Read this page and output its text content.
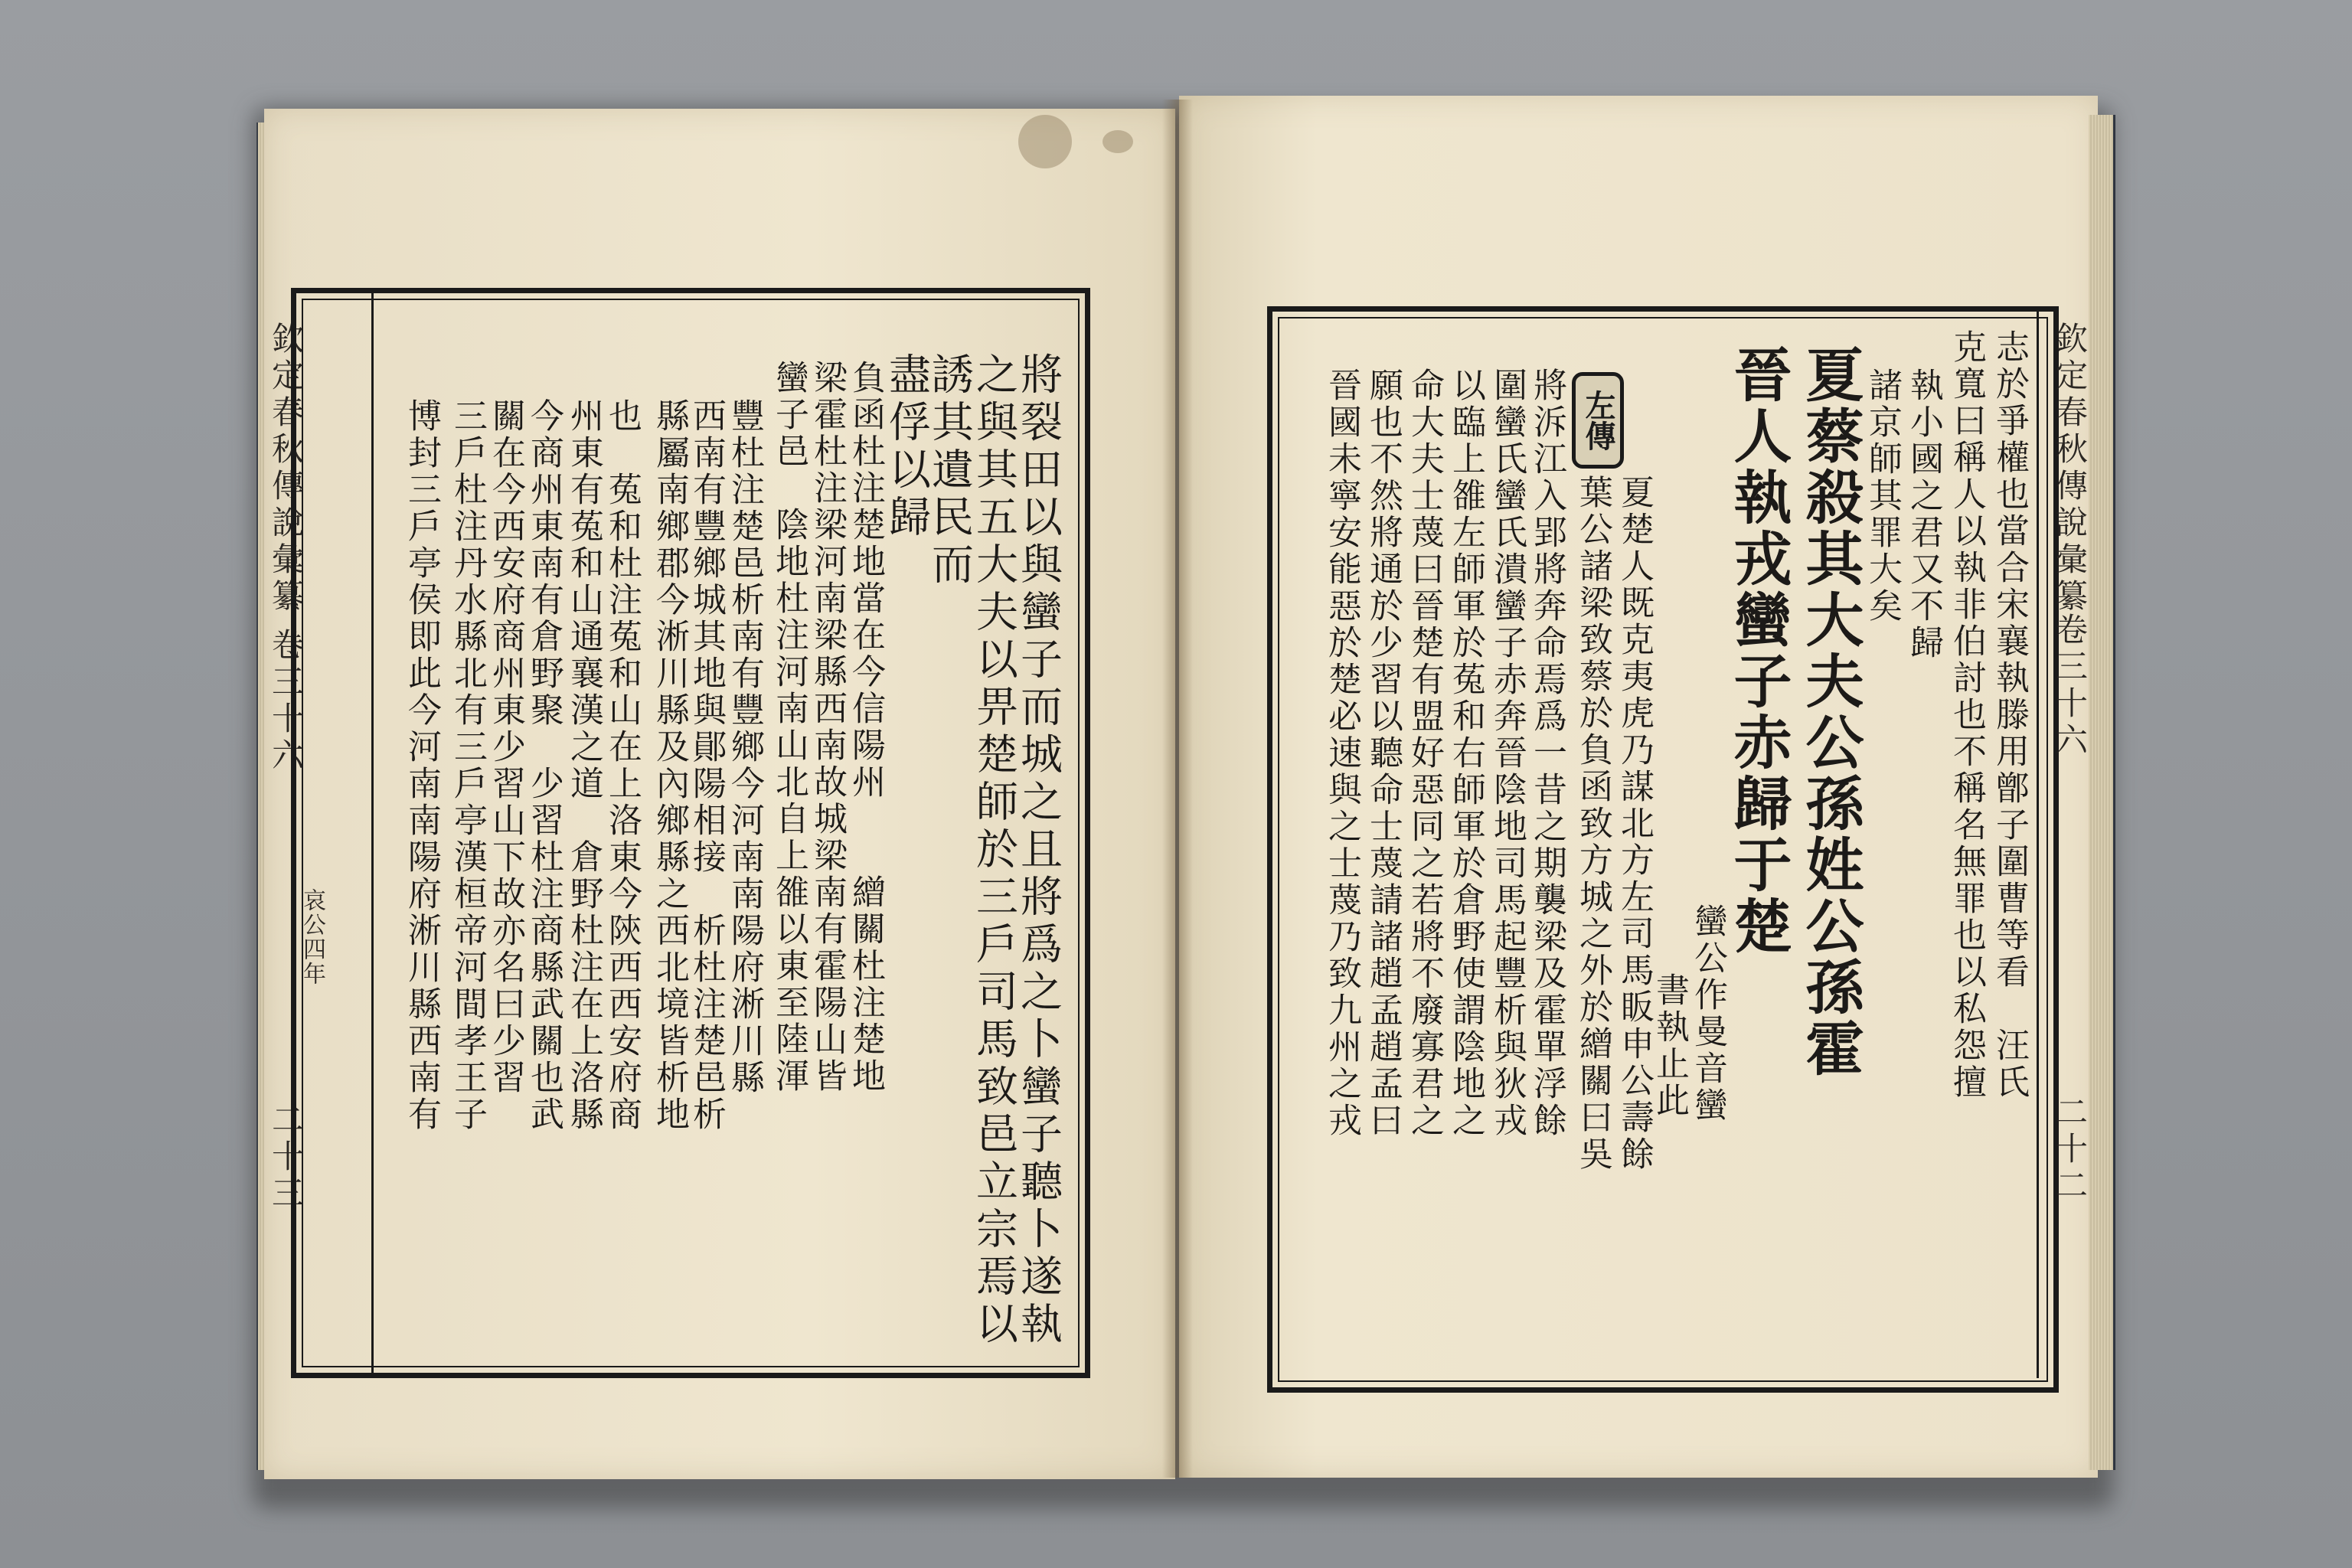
欽定春秋傳說彙纂
卷三十六
哀公四年
二十三	將裂田以與蠻子而城之且將爲之卜蠻子聽卜遂執
之與其五大夫以畀楚師於三戶司馬致邑立宗焉以
誘其遺民而
盡俘以歸
負函杜注楚地當在今信陽州　　繒關杜注楚地
梁霍杜注梁河南梁縣西南故城梁南有霍陽山皆
蠻子邑　陰地杜注河南山北自上雒以東至陸渾
豐杜注楚邑析南有豐鄉今河南南陽府淅川縣
西南有豐鄉城其地與鄖陽相接　析杜注楚邑析
縣屬南鄉郡今淅川縣及內鄉縣之西北境皆析地
也　菟和杜注菟和山在上洛東今陝西西安府商
州東有菟和山通襄漢之道　倉野杜注在上洛縣
今商州東南有倉野聚　少習杜注商縣武關也武
關在今西安府商州東少習山下故亦名曰少習
三戶杜注丹水縣北有三戶亭漢桓帝河間孝王子
博封三戶亭侯即此今河南南陽府淅川縣西南有	欽定春秋傳說彙纂
卷三十六
二十二
志於爭權也當合宋襄執滕用鄫子圍曹等看　汪氏
克寬曰稱人以執非伯討也不稱名無罪也以私怨擅
執小國之君又不歸
諸京師其罪大矣
夏蔡殺其大夫公孫姓公孫霍
晉人執戎蠻子赤歸于楚
蠻公作曼音蠻
書執止此
左傳
夏楚人既克夷虎乃謀北方左司馬眅申公壽餘
葉公諸梁致蔡於負函致方城之外於繒關曰吳
將泝江入郢將奔命焉爲一昔之期襲梁及霍單浮餘
圍蠻氏蠻氏潰蠻子赤奔晉陰地司馬起豐析與狄戎
以臨上雒左師軍於菟和右師軍於倉野使謂陰地之
命大夫士蔑曰晉楚有盟好惡同之若將不廢寡君之
願也不然將通於少習以聽命士蔑請諸趙孟趙孟曰
晉國未寧安能惡於楚必速與之士蔑乃致九州之戎
